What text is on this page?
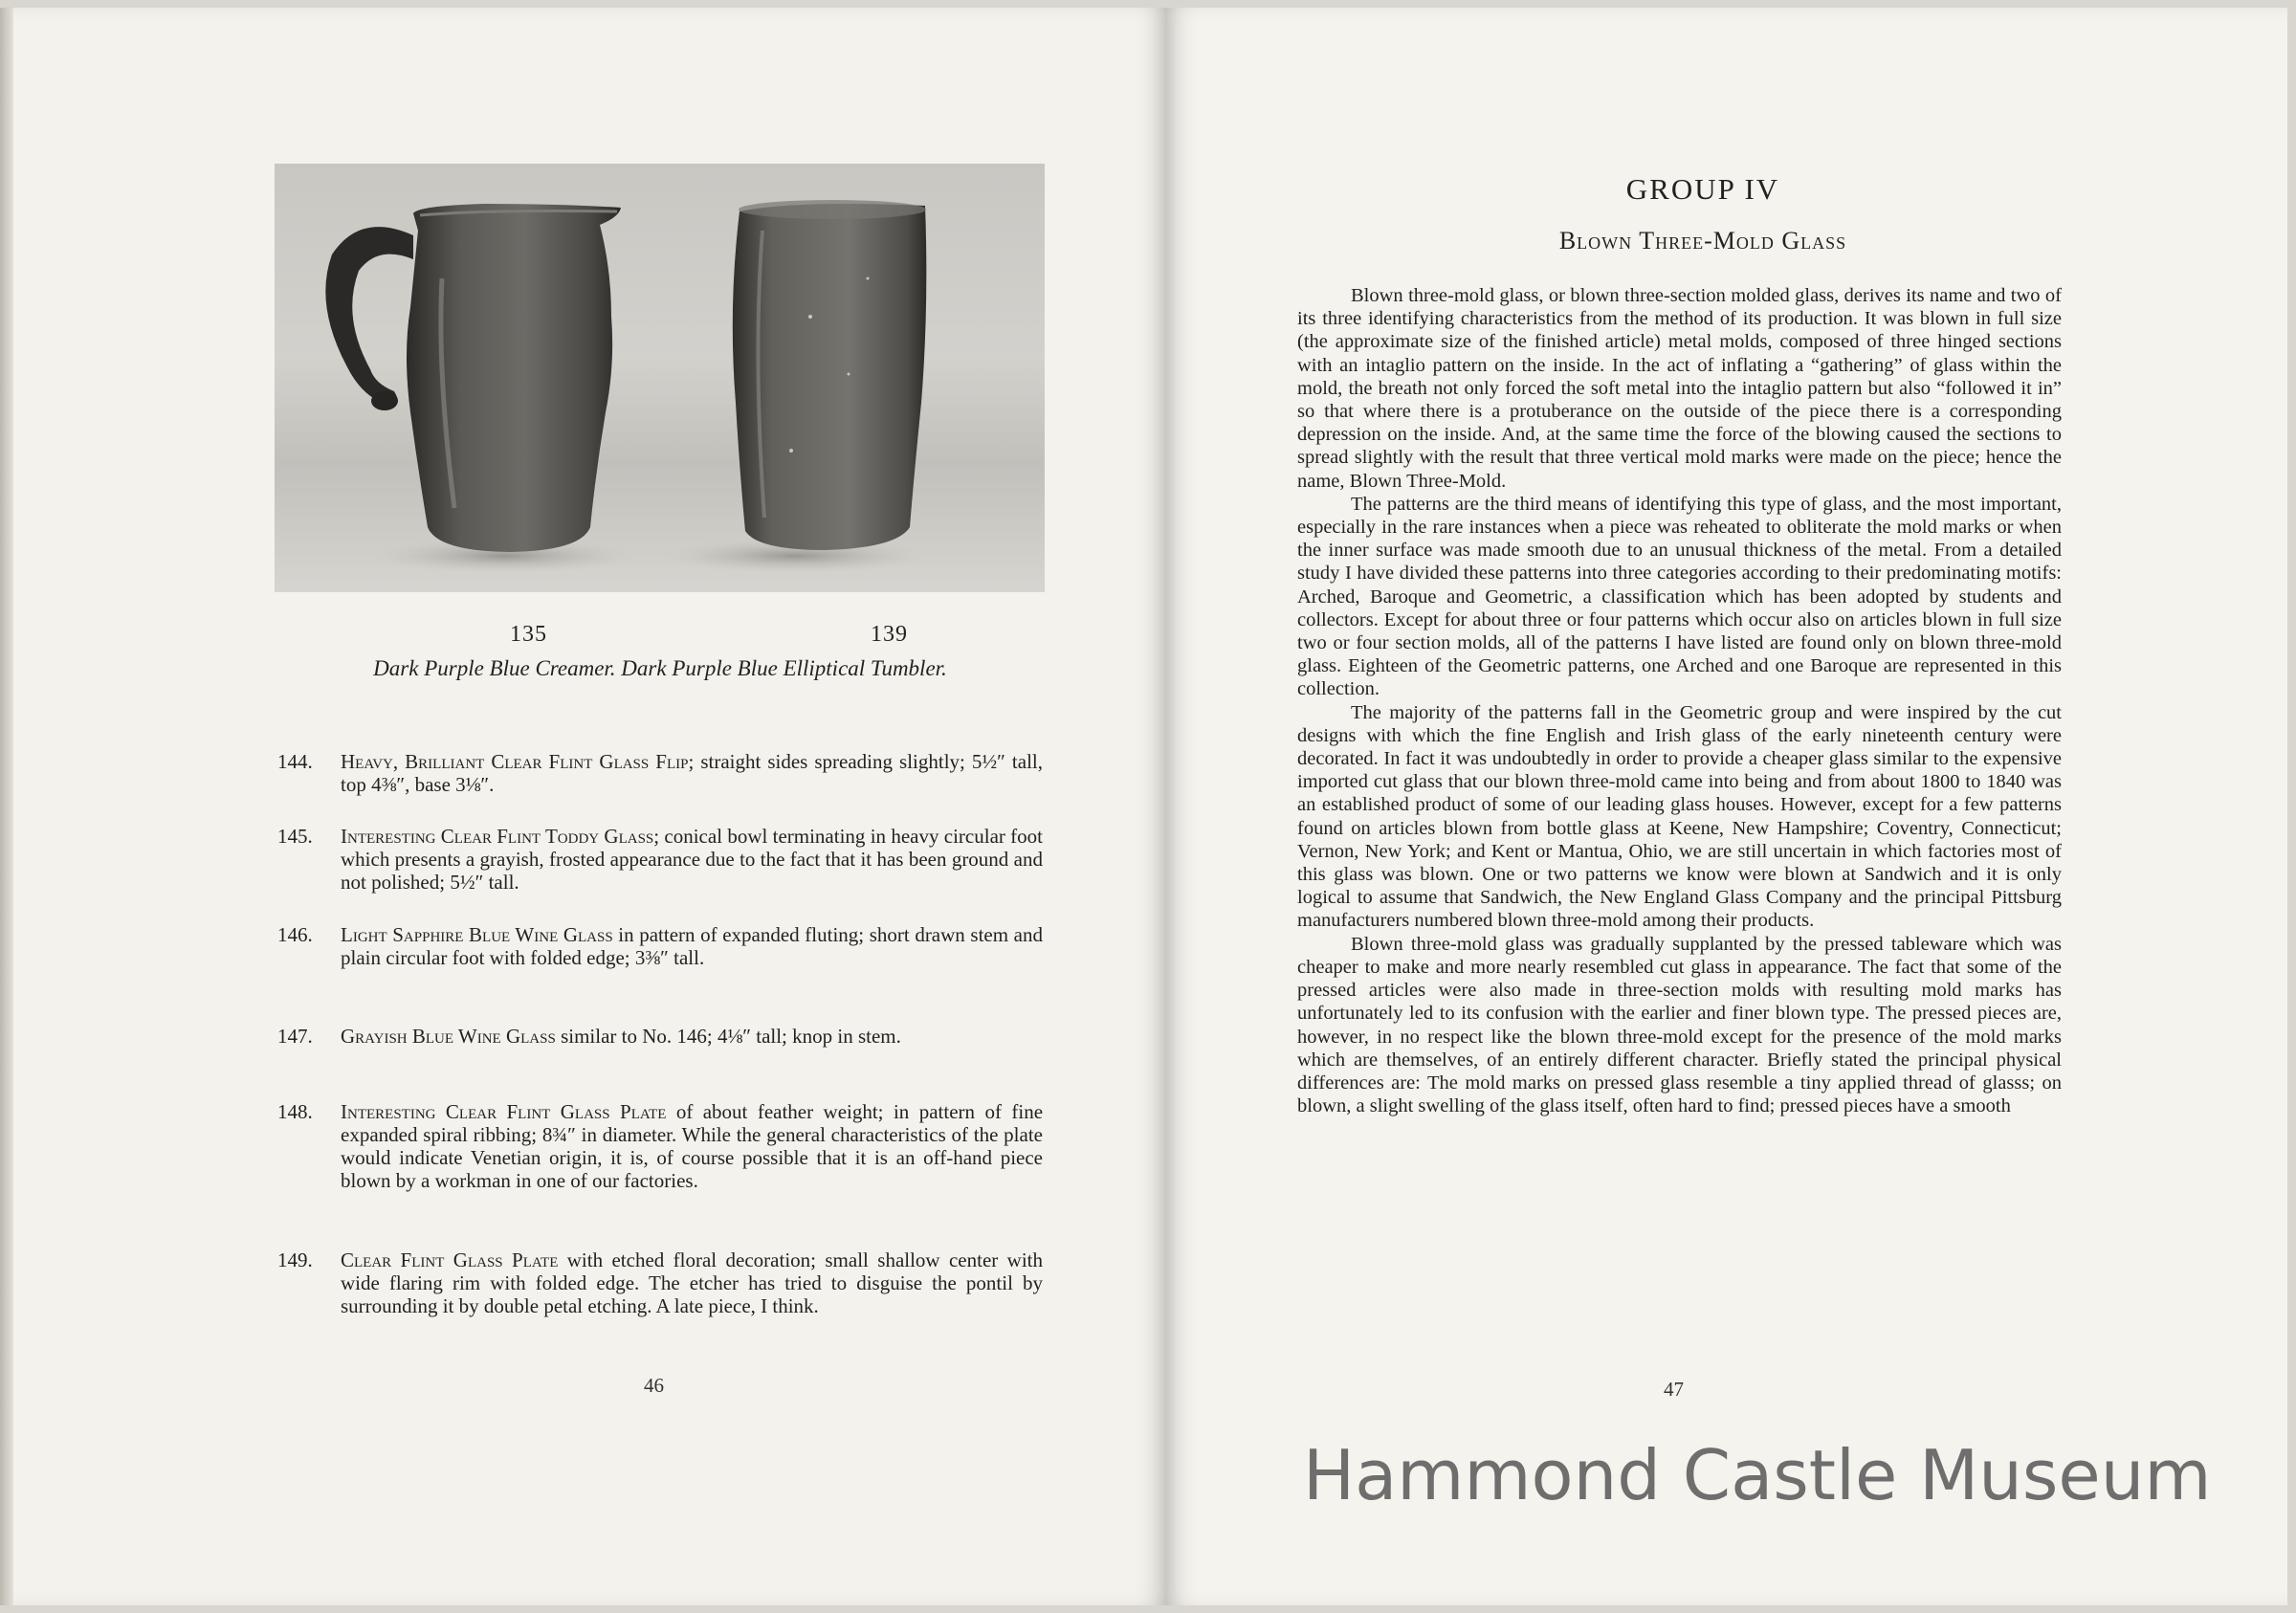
135	139
Dark Purple Blue Creamer. Dark Purple Blue Elliptical Tumbler.
144.	Heavy, Brilliant Clear Flint Glass Flip; straight sides spreading slightly; 5½″ tall, top 4⅜″, base 3⅛″.
145.	Interesting Clear Flint Toddy Glass; conical bowl terminating in heavy circular foot which presents a grayish, frosted appearance due to the fact that it has been ground and not polished; 5½″ tall.
146.	Light Sapphire Blue Wine Glass in pattern of expanded fluting; short drawn stem and plain circular foot with folded edge; 3⅜″ tall.
147.	Grayish Blue Wine Glass similar to No. 146; 4⅛″ tall; knop in stem.
148.	Interesting Clear Flint Glass Plate of about feather weight; in pattern of fine expanded spiral ribbing; 8¾″ in diameter. While the general characteristics of the plate would indicate Venetian origin, it is, of course possible that it is an off-hand piece blown by a workman in one of our factories.
149.	Clear Flint Glass Plate with etched floral decoration; small shallow center with wide flaring rim with folded edge. The etcher has tried to disguise the pontil by surrounding it by double petal etching. A late piece, I think.
46
GROUP IV
Blown Three-Mold Glass

Blown three-mold glass, or blown three-section molded glass, derives its name and two of its three identifying characteristics from the method of its production. It was blown in full size (the approximate size of the finished article) metal molds, composed of three hinged sections with an intaglio pattern on the inside. In the act of inflating a “gathering” of glass within the mold, the breath not only forced the soft metal into the intaglio pattern but also “followed it in” so that where there is a protuberance on the outside of the piece there is a corresponding depression on the inside. And, at the same time the force of the blowing caused the sections to spread slightly with the result that three vertical mold marks were made on the piece; hence the name, Blown Three-Mold.

The patterns are the third means of identifying this type of glass, and the most important, especially in the rare instances when a piece was reheated to obliterate the mold marks or when the inner surface was made smooth due to an unusual thickness of the metal. From a detailed study I have divided these patterns into three categories according to their predominating motifs: Arched, Baroque and Geometric, a classification which has been adopted by students and collectors. Except for about three or four patterns which occur also on articles blown in full size two or four section molds, all of the patterns I have listed are found only on blown three-mold glass. Eighteen of the Geometric patterns, one Arched and one Baroque are represented in this collection.

The majority of the patterns fall in the Geometric group and were inspired by the cut designs with which the fine English and Irish glass of the early nineteenth century were decorated. In fact it was undoubtedly in order to provide a cheaper glass similar to the expensive imported cut glass that our blown three-mold came into being and from about 1800 to 1840 was an established product of some of our leading glass houses. However, except for a few patterns found on articles blown from bottle glass at Keene, New Hampshire; Coventry, Connecticut; Vernon, New York; and Kent or Mantua, Ohio, we are still uncertain in which factories most of this glass was blown. One or two patterns we know were blown at Sandwich and it is only logical to assume that Sandwich, the New England Glass Company and the principal Pittsburg manufacturers numbered blown three-mold among their products.

Blown three-mold glass was gradually supplanted by the pressed tableware which was cheaper to make and more nearly resembled cut glass in appearance. The fact that some of the pressed articles were also made in three-section molds with resulting mold marks has unfortunately led to its confusion with the earlier and finer blown type. The pressed pieces are, however, in no respect like the blown three-mold except for the presence of the mold marks which are themselves, of an entirely different character. Briefly stated the principal physical differences are: The mold marks on pressed glass resemble a tiny applied thread of glasss; on blown, a slight swelling of the glass itself, often hard to find; pressed pieces have a smooth

47
Hammond Castle Museum
